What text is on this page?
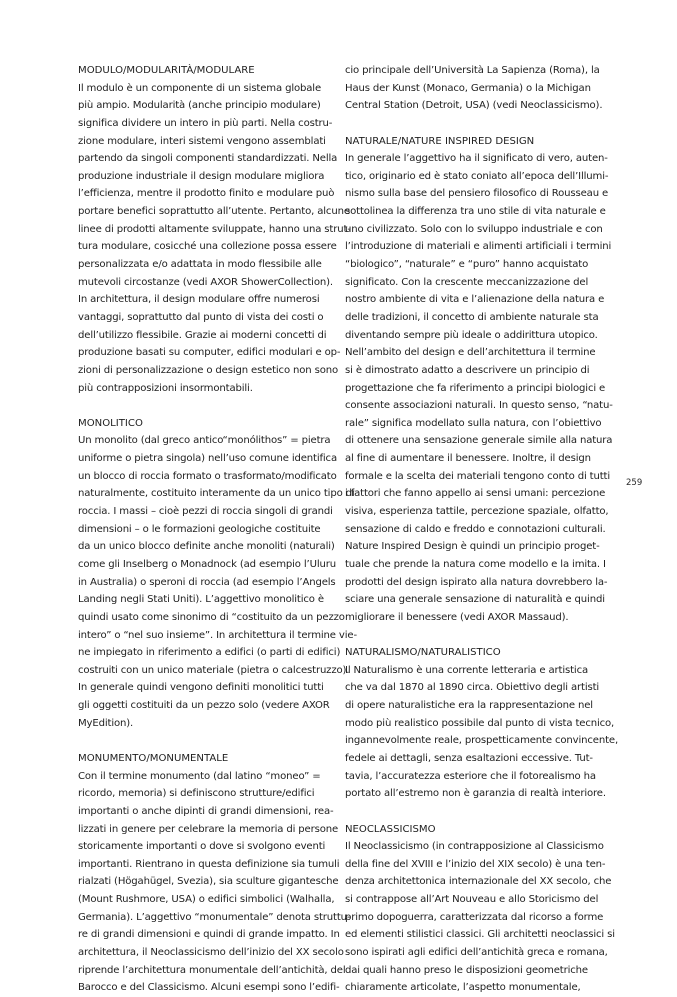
MODULO/MODULARITÀ/MODULARE
Il modulo è un componente di un sistema globale
più ampio. Modularità (anche principio modulare)
significa dividere un intero in più parti. Nella costru-
zione modulare, interi sistemi vengono assemblati
partendo da singoli componenti standardizzati. Nella
produzione industriale il design modulare migliora
l’efficienza, mentre il prodotto finito e modulare può
portare benefici soprattutto all’utente. Pertanto, alcune
linee di prodotti altamente sviluppate, hanno una strut-
tura modulare, cosicché una collezione possa essere
personalizzata e/o adattata in modo flessibile alle
mutevoli circostanze (vedi AXOR ShowerCollection).
In architettura, il design modulare offre numerosi
vantaggi, soprattutto dal punto di vista dei costi o
dell’utilizzo flessibile. Grazie ai moderni concetti di
produzione basati su computer, edifici modulari e op-
zioni di personalizzazione o design estetico non sono
più contrapposizioni insormontabili.
MONOLITICO
Un monolito (dal greco antico“monólithos” = pietra
uniforme o pietra singola) nell’uso comune identifica
un blocco di roccia formato o trasformato/modificato
naturalmente, costituito interamente da un unico tipo di
roccia. I massi – cioè pezzi di roccia singoli di grandi
dimensioni – o le formazioni geologiche costituite
da un unico blocco definite anche monoliti (naturali)
come gli Inselberg o Monadnock (ad esempio l’Uluru
in Australia) o speroni di roccia (ad esempio l’Angels
Landing negli Stati Uniti). L’aggettivo monolitico è
quindi usato come sinonimo di “costituito da un pezzo
intero” o “nel suo insieme”. In architettura il termine vie-
ne impiegato in riferimento a edifici (o parti di edifici)
costruiti con un unico materiale (pietra o calcestruzzo).
In generale quindi vengono definiti monolitici tutti
gli oggetti costituiti da un pezzo solo (vedere AXOR
MyEdition).
MONUMENTO/MONUMENTALE
Con il termine monumento (dal latino “moneo” =
ricordo, memoria) si definiscono strutture/edifici
importanti o anche dipinti di grandi dimensioni, rea-
lizzati in genere per celebrare la memoria di persone
storicamente importanti o dove si svolgono eventi
importanti. Rientrano in questa definizione sia tumuli
rialzati (Högahügel, Svezia), sia sculture gigantesche
(Mount Rushmore, USA) o edifici simbolici (Walhalla,
Germania). L’aggettivo “monumentale” denota struttu-
re di grandi dimensioni e quindi di grande impatto. In
architettura, il Neoclassicismo dell’inizio del XX secolo
riprende l’architettura monumentale dell’antichità, del
Barocco e del Classicismo. Alcuni esempi sono l’edifi-
cio principale dell’Università La Sapienza (Roma), la
Haus der Kunst (Monaco, Germania) o la Michigan
Central Station (Detroit, USA) (vedi Neoclassicismo).
NATURALE/NATURE INSPIRED DESIGN
In generale l’aggettivo ha il significato di vero, auten-
tico, originario ed è stato coniato all’epoca dell’Illumi-
nismo sulla base del pensiero filosofico di Rousseau e
sottolinea la differenza tra uno stile di vita naturale e
uno civilizzato. Solo con lo sviluppo industriale e con
l’introduzione di materiali e alimenti artificiali i termini
“biologico”, “naturale” e “puro” hanno acquistato
significato. Con la crescente meccanizzazione del
nostro ambiente di vita e l’alienazione della natura e
delle tradizioni, il concetto di ambiente naturale sta
diventando sempre più ideale o addirittura utopico.
Nell’ambito del design e dell’architettura il termine
si è dimostrato adatto a descrivere un principio di
progettazione che fa riferimento a principi biologici e
consente associazioni naturali. In questo senso, “natu-
rale” significa modellato sulla natura, con l’obiettivo
di ottenere una sensazione generale simile alla natura
al fine di aumentare il benessere. Inoltre, il design
formale e la scelta dei materiali tengono conto di tutti
i fattori che fanno appello ai sensi umani: percezione
visiva, esperienza tattile, percezione spaziale, olfatto,
sensazione di caldo e freddo e connotazioni culturali.
Nature Inspired Design è quindi un principio proget-
tuale che prende la natura come modello e la imita. I
prodotti del design ispirato alla natura dovrebbero la-
sciare una generale sensazione di naturalità e quindi
migliorare il benessere (vedi AXOR Massaud).
NATURALISMO/NATURALISTICO
Il Naturalismo è una corrente letteraria e artistica
che va dal 1870 al 1890 circa. Obiettivo degli artisti
di opere naturalistiche era la rappresentazione nel
modo più realistico possibile dal punto di vista tecnico,
ingannevolmente reale, prospetticamente convincente,
fedele ai dettagli, senza esaltazioni eccessive. Tut-
tavia, l’accuratezza esteriore che il fotorealismo ha
portato all’estremo non è garanzia di realtà interiore.
NEOCLASSICISMO
Il Neoclassicismo (in contrapposizione al Classicismo
della fine del XVIII e l’inizio del XIX secolo) è una ten-
denza architettonica internazionale del XX secolo, che
si contrappose all’Art Nouveau e allo Storicismo del
primo dopoguerra, caratterizzata dal ricorso a forme
ed elementi stilistici classici. Gli architetti neoclassici si
sono ispirati agli edifici dell’antichità greca e romana,
dai quali hanno preso le disposizioni geometriche
chiaramente articolate, l’aspetto monumentale,
259
